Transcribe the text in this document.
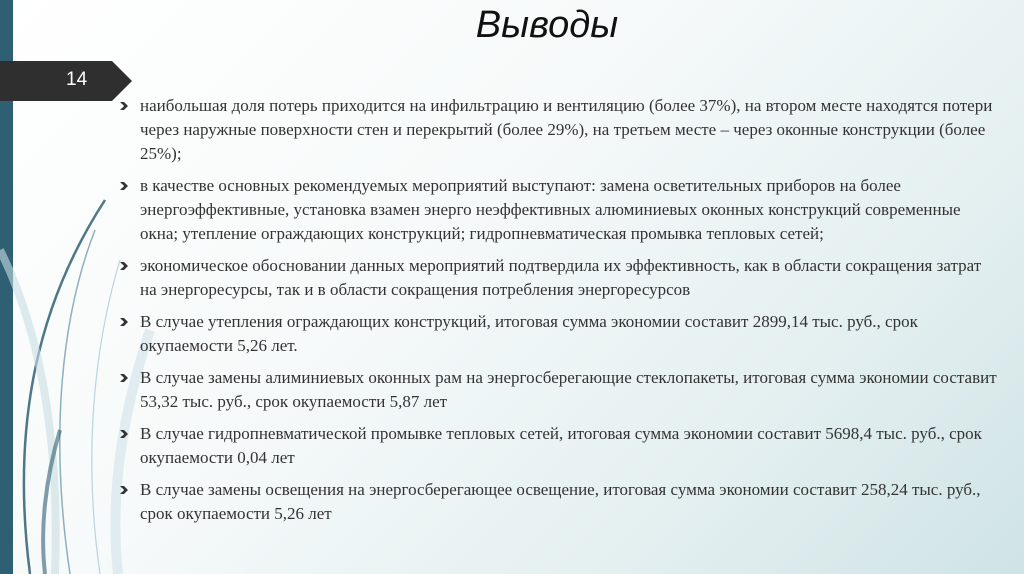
Выводы
14
наибольшая доля потерь приходится на инфильтрацию и вентиляцию (более 37%), на втором месте находятся потери через наружные поверхности стен и перекрытий (более 29%), на третьем месте – через оконные конструкции (более 25%);
в качестве основных рекомендуемых мероприятий выступают: замена осветительных приборов на более энергоэффективные, установка взамен энерго неэффективных алюминиевых оконных конструкций современные окна; утепление ограждающих конструкций; гидропневматическая промывка тепловых сетей;
экономическое обосновании данных мероприятий подтвердила их эффективность, как в области сокращения затрат на энергоресурсы, так и в области сокращения потребления энергоресурсов
В случае утепления ограждающих конструкций, итоговая сумма экономии составит 2899,14 тыс. руб., срок окупаемости 5,26 лет.
В случае замены алиминиевых оконных рам на энергосберегающие стеклопакеты, итоговая сумма экономии составит 53,32 тыс. руб., срок окупаемости 5,87 лет
В случае гидропневматической промывке тепловых сетей, итоговая сумма экономии составит 5698,4 тыс. руб., срок окупаемости 0,04 лет
В случае замены освещения на энергосберегающее освещение, итоговая сумма экономии составит 258,24 тыс. руб., срок окупаемости 5,26 лет
